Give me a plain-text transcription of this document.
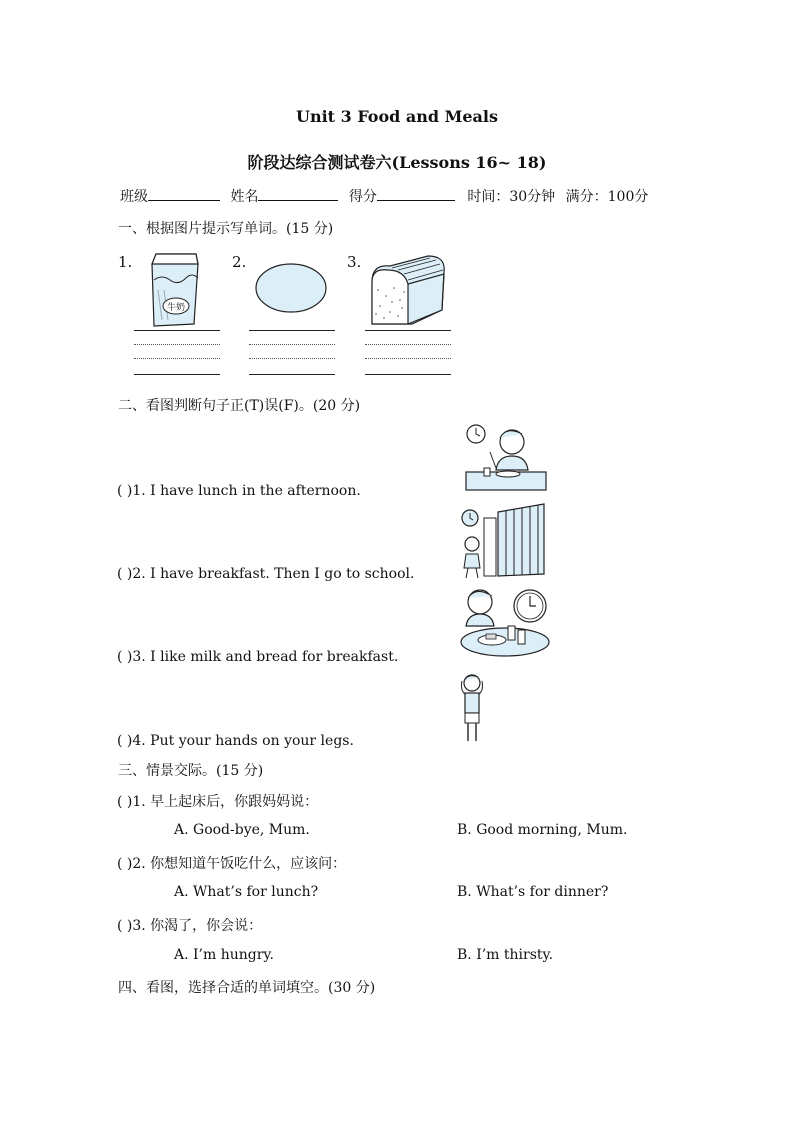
Unit 3 Food and Meals
阶段达综合测试卷六(Lessons 16~ 18)
班级	姓名	得分	时间：30分钟 满分：100分
一、根据图片提示写单词。(15 分)
1.
牛奶
2.	3.
二、看图判断句子正(T)误(F)。(20 分)
( )1. I have lunch in the afternoon.
( )2. I have breakfast. Then I go to school.
( )3. I like milk and bread for breakfast.
( )4. Put your hands on your legs.
三、情景交际。(15 分)
( )1. 早上起床后，你跟妈妈说：
A. Good-bye, Mum.	B. Good morning, Mum.
( )2. 你想知道午饭吃什么，应该问：
A. What’s for lunch?	B. What’s for dinner?
( )3. 你渴了，你会说：
A. I’m hungry.	B. I’m thirsty.
四、看图，选择合适的单词填空。(30 分)
